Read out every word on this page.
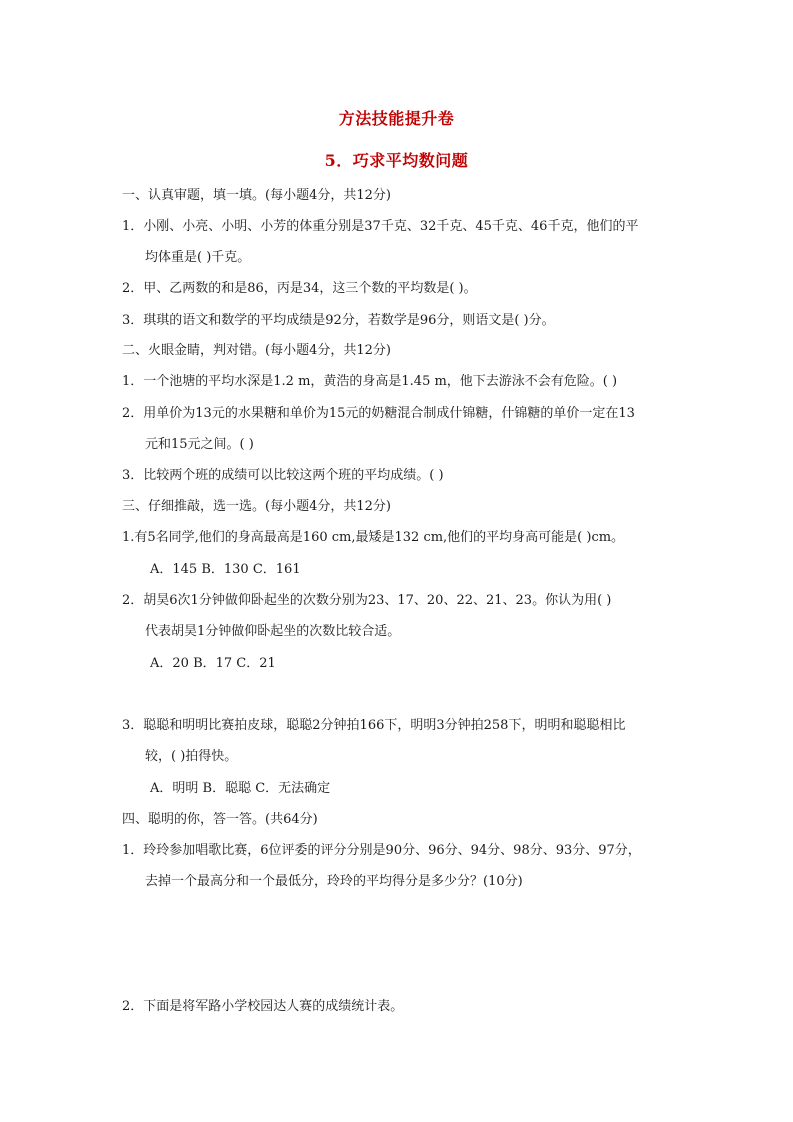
方法技能提升卷
5．巧求平均数问题
一、认真审题，填一填。(每小题4分，共12分)
1．小刚、小亮、小明、小芳的体重分别是37千克、32千克、45千克、46千克，他们的平
均体重是( )千克。
2．甲、乙两数的和是86，丙是34，这三个数的平均数是( )。
3．琪琪的语文和数学的平均成绩是92分，若数学是96分，则语文是( )分。
二、火眼金睛，判对错。(每小题4分，共12分)
1．一个池塘的平均水深是1.2 m，黄浩的身高是1.45 m，他下去游泳不会有危险。( )
2．用单价为13元的水果糖和单价为15元的奶糖混合制成什锦糖，什锦糖的单价一定在13
元和15元之间。( )
3．比较两个班的成绩可以比较这两个班的平均成绩。( )
三、仔细推敲，选一选。(每小题4分，共12分)
1.有5名同学,他们的身高最高是160 cm,最矮是132 cm,他们的平均身高可能是( )cm。
A．145 B．130 C．161
2．胡昊6次1分钟做仰卧起坐的次数分别为23、17、20、22、21、23。你认为用( )
代表胡昊1分钟做仰卧起坐的次数比较合适。
A．20 B．17 C．21
3．聪聪和明明比赛拍皮球，聪聪2分钟拍166下，明明3分钟拍258下，明明和聪聪相比
较，( )拍得快。
A．明明 B．聪聪 C．无法确定
四、聪明的你，答一答。(共64分)
1．玲玲参加唱歌比赛，6位评委的评分分别是90分、96分、94分、98分、93分、97分，
去掉一个最高分和一个最低分，玲玲的平均得分是多少分？(10分)
2．下面是将军路小学校园达人赛的成绩统计表。
